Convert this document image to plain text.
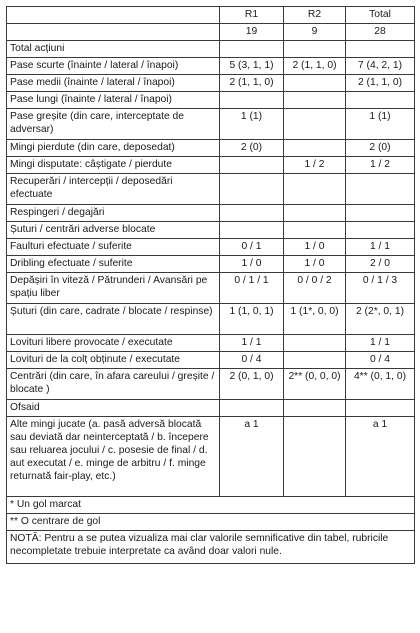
	R1	R2	Total
	19	9	28
Total acțiuni			
Pase scurte (înainte / lateral / înapoi)	5 (3, 1, 1)	2 (1, 1, 0)	7 (4, 2, 1)
Pase medii (înainte / lateral / înapoi)	2 (1, 1, 0)		2 (1, 1, 0)
Pase lungi (înainte / lateral / înapoi)			
Pase greșite (din care, interceptate de adversar)	1 (1)		1 (1)
Mingi pierdute (din care, deposedat)	2 (0)		2 (0)
Mingi disputate: câștigate / pierdute		1 / 2	1 / 2
Recuperări / intercepții / deposedări efectuate			
Respingeri / degajări			
Șuturi / centrări adverse blocate			
Faulturi efectuate / suferite	0 / 1	1 / 0	1 / 1
Dribling efectuate / suferite	1 / 0	1 / 0	2 / 0
Depășiri în viteză / Pătrunderi / Avansări pe spațiu liber	0 / 1 / 1	0 / 0 / 2	0 / 1 / 3
Șuturi (din care, cadrate / blocate / respinse)	1 (1, 0, 1)	1 (1*, 0, 0)	2 (2*, 0, 1)
Lovituri libere provocate / executate	1 / 1		1 / 1
Lovituri de la colț obținute / executate	0 / 4		0 / 4
Centrări (din care, în afara careului / greșite / blocate )	2 (0, 1, 0)	2** (0, 0, 0)	4** (0, 1, 0)
Ofsaid			
Alte mingi jucate (a. pasă adversă blocată sau deviată dar neinterceptată / b. începere sau reluarea jocului / c. posesie de final / d. aut executat / e. minge de arbitru / f. minge returnată fair-play, etc.)	a 1		a 1
* Un gol marcat			
** O centrare de gol			
NOTĂ: Pentru a se putea vizualiza mai clar valorile semnificative din tabel, rubricile necompletate trebuie interpretate ca având doar valori nule.			
